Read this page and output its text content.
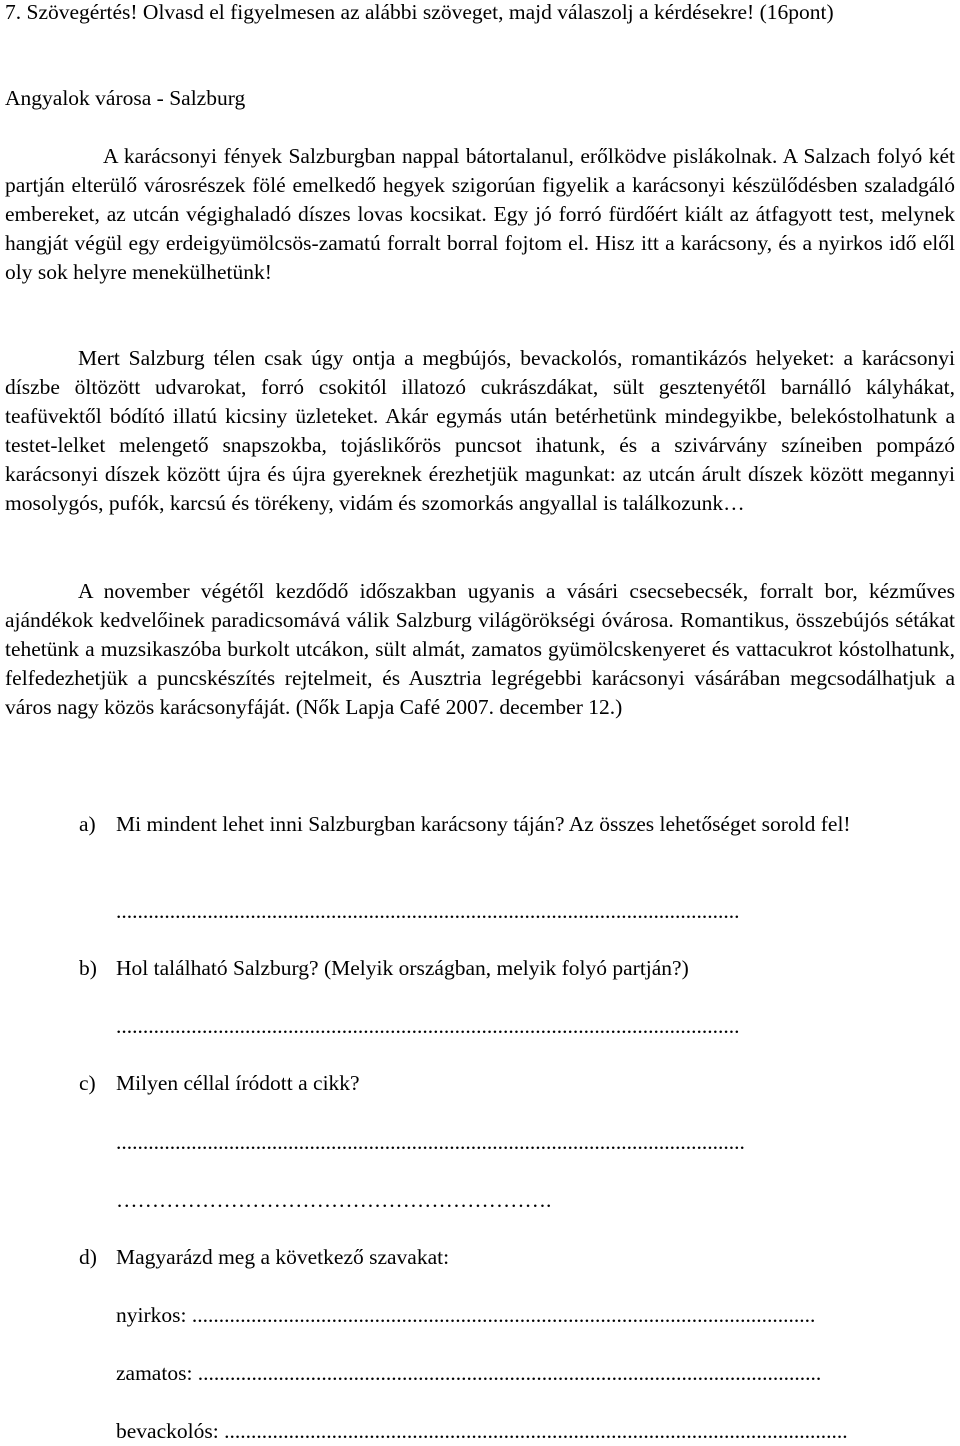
7. Szövegértés! Olvasd el figyelmesen az alábbi szöveget, majd válaszolj a kérdésekre! (16pont)
Angyalok városa - Salzburg

A karácsonyi fények Salzburgban nappal bátortalanul, erőlködve pislákolnak. A Salzach folyó két partján elterülő városrészek fölé emelkedő hegyek szigorúan figyelik a karácsonyi készülődésben szaladgáló embereket, az utcán végighaladó díszes lovas kocsikat. Egy jó forró fürdőért kiált az átfagyott test, melynek hangját végül egy erdeigyümölcsös-zamatú forralt borral fojtom el. Hisz itt a karácsony, és a nyirkos idő elől oly sok helyre menekülhetünk!

Mert Salzburg télen csak úgy ontja a megbújós, bevackolós, romantikázós helyeket: a karácsonyi díszbe öltözött udvarokat, forró csokitól illatozó cukrászdákat, sült gesztenyétől barnálló kályhákat, teafüvektől bódító illatú kicsiny üzleteket. Akár egymás után betérhetünk mindegyikbe, belekóstolhatunk a testet-lelket melengető snapszokba, tojáslikőrös puncsot ihatunk, és a szivárvány színeiben pompázó karácsonyi díszek között újra és újra gyereknek érezhetjük magunkat: az utcán árult díszek között megannyi mosolygós, pufók, karcsú és törékeny, vidám és szomorkás angyallal is találkozunk…

A november végétől kezdődő időszakban ugyanis a vásári csecsebecsék, forralt bor, kézműves ajándékok kedvelőinek paradicsomává válik Salzburg világörökségi óvárosa. Romantikus, összebújós sétákat tehetünk a muzsikaszóba burkolt utcákon, sült almát, zamatos gyümölcskenyeret és vattacukrot kóstolhatunk, felfedezhetjük a puncskészítés rejtelmeit, és Ausztria legrégebbi karácsonyi vásárában megcsodálhatjuk a város nagy közös karácsonyfáját. (Nők Lapja Café 2007. december 12.)

a) Mi mindent lehet inni Salzburgban karácsony táján? Az összes lehetőséget sorold fel!
....................................................................................................................
b) Hol található Salzburg? (Melyik országban, melyik folyó partján?)
....................................................................................................................
c) Milyen céllal íródott a cikk?
.....................................................................................................................
…………………………………………………….
d) Magyarázd meg a következő szavakat:
nyirkos: ....................................................................................................................
zamatos: ....................................................................................................................
bevackolós: ....................................................................................................................
